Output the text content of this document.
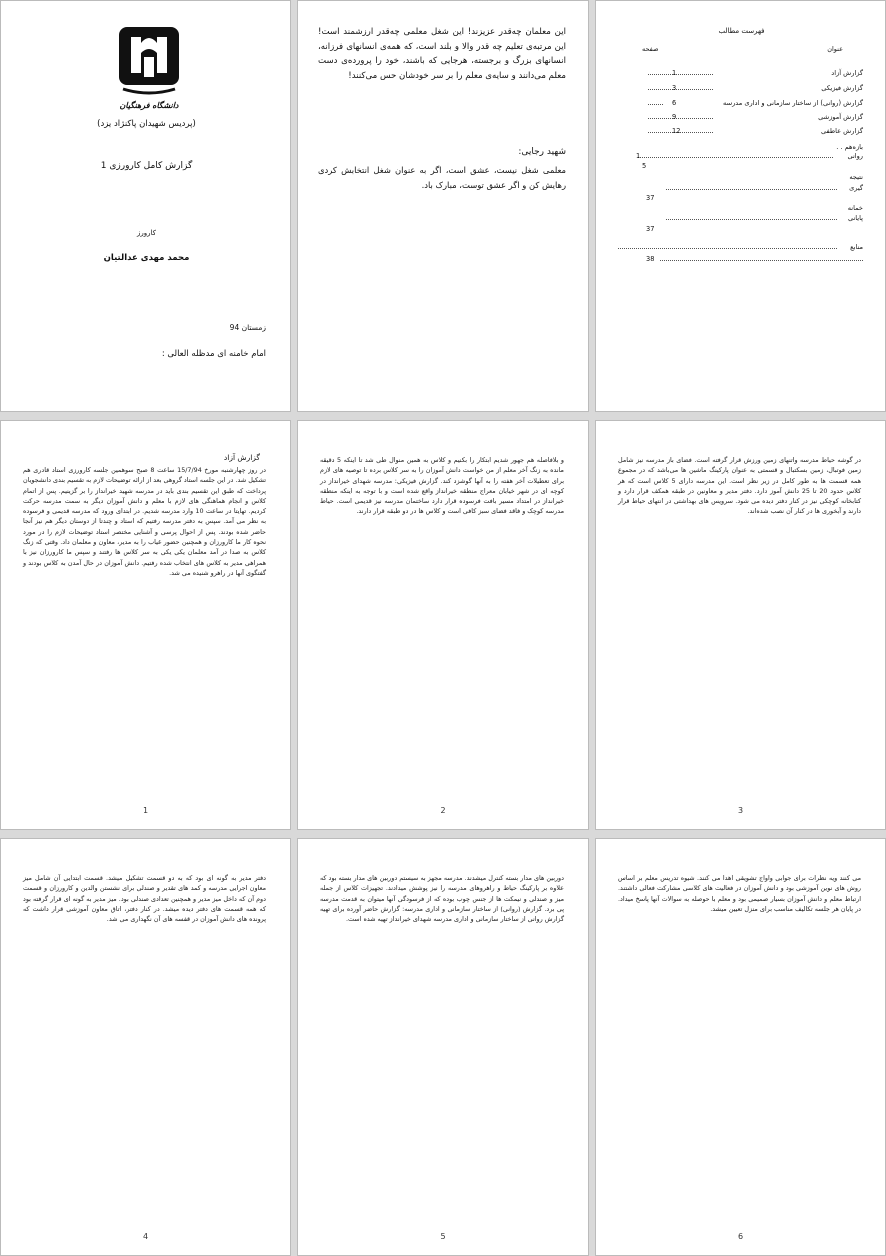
دانشگاه فرهنگیان
(پردیس شهیدان پاکنژاد یزد)
گزارش کامل کارورزی 1
کارورز
محمد مهدی عدالتیان
زمستان 94
امام خامنه ای مدظله العالی :
این معلمان چه‌قدر عزیزند! این شغل معلمی چه‌قدر ارزشمند است! این مرتبه‌ی تعلیم چه قدر والا و بلند است، که همه‌ی انسانهای فرزانه، انسانهای بزرگ و برجسته، هرجایی که باشند، خود را پرورده‌ی دست معلم می‌دانند و سایه‌ی معلم را بر سر خودشان حس می‌کنند!
شهید رجایی:
معلمی شغل نیست، عشق است، اگر به عنوان شغل انتخابش کردی رهایش کن و اگر عشق توست، مبارک باد.
فهرست مطالب
عنوان
صفحه
گزارش آزاد
1
گزارش فیزیکی
3
گزارش (روانی) از ساختار سازمانی و اداری مدرسه
6
گزارش آموزشی
9
گزارش عاطفی
12
بازه‌هم . .
روانی
1
5
نتیجه
گیری
37
خمانه
پایانی
37
منابع
38
گزارش آزاد
در روز چهارشنبه مورخ 15/7/94 ساعت 8 صبح سوهمین جلسه کارورزی استاد قادری هم تشکیل شد. در این جلسه استاد گروهی بعد از ارائه توضیحات لازم به تقسیم بندی دانشجویان پرداخت که طبق این تقسیم بندی باید در مدرسه شهید خیرانداز را بر گزینیم. پس از اتمام کلاس و انجام هماهنگی های لازم با معلم و دانش آموزان دیگر به سمت مدرسه حرکت کردیم. تهایتا در ساعت 10 وارد مدرسه شدیم. در ابتدای ورود که مدرسه قدیمی و فرسوده به نظر می آمد. سپس به دفتر مدرسه رفتیم که استاد و چندتا از دوستان دیگر هم نیز آنجا حاضر شده بودند. پس از احوال پرسی و آشنایی مختصر استاد توضیحات لازم را در مورد نحوه کار ما کارورزان و همچنین حضور غیاب را به مدیر، معاون و معلمان داد. وقتی که زنگ کلاس به صدا در آمد معلمان یکی یکی به سر کلاس ها رفتند و سپس ما کارورزان نیز با همراهی مدیر به کلاس های انتخاب شده رفتیم. دانش آموزان در حال آمدن به کلاس بودند و گفتگوی آنها در راهرو شنیده می شد.
1
و بلافاصله هم جهور شدیم ابتکار را بکنیم و کلاس به همین منوال طی شد تا اینکه 5 دقیقه مانده به زنگ آخر معلم از من خواست دانش آموزان را به سر کلاس برده تا توصیه های لازم برای تعطیلات آخر هفته را به آنها گوشزد کند. گزارش فیزیکی: مدرسه شهدای خیرانداز در کوچه ای در شهر خیابان معراج منطقه خیرانداز واقع شده است و با توجه به اینکه منطقه خیرانداز در امتداد مسیر بافت فرسوده قرار دارد ساختمان مدرسه نیز قدیمی است. حیاط مدرسه کوچک و فاقد فضای سبز کافی است و کلاس ها در دو طبقه قرار دارند.
2
در گوشه حیاط مدرسه واتنهای زمین ورزش قرار گرفته است. فضای باز مدرسه نیز شامل زمین فوتبال، زمین بسکتبال و قسمتی به عنوان پارکینگ ماشین ها می‌باشد که در مجموع همه قسمت ها به طور کامل در زیر نظر است. این مدرسه دارای 5 کلاس است که هر کلاس حدود 20 تا 25 دانش آموز دارد. دفتر مدیر و معاونین در طبقه همکف قرار دارد و کتابخانه کوچکی نیز در کنار دفتر دیده می شود. سرویس های بهداشتی در انتهای حیاط قرار دارند و آبخوری ها در کنار آن نصب شده‌اند.
3
دفتر مدیر به گونه ای بود که به دو قسمت تشکیل میشد. قسمت ابتدایی آن شامل میز معاون اجرایی مدرسه و کمد های تقدیر و صندلی برای نشستن والدین و کارورزان و قسمت دوم آن که داخل میز مدیر و همچنین تعدادی صندلی بود. میز مدیر به گونه ای قرار گرفته بود که همه قسمت های دفتر دیده میشد. در کنار دفتر، اتاق معاون آموزشی قرار داشت که پرونده های دانش آموزان در قفسه های آن نگهداری می شد.
4
دوربین های مدار بسته کنترل میشدند. مدرسه مجهز به سیستم دوربین های مدار بسته بود که علاوه بر پارکینگ حیاط و راهروهای مدرسه را نیز پوشش میدادند. تجهیزات کلاس از جمله میز و صندلی و نیمکت ها از جنس چوب بوده که از فرسودگی آنها میتوان به قدمت مدرسه پی برد. گزارش (روانی) از ساختار سازمانی و اداری مدرسه: گزارش حاضر آورده برای تهیه گزارش روانی از ساختار سازمانی و اداری مدرسه شهدای خیرانداز تهیه شده است.
5
می کنند ویه نظرات برای جوابی واواج تشویقی اهدا می کنند. شیوه تدریس معلم بر اساس روش های نوین آموزشی بود و دانش آموزان در فعالیت های کلاسی مشارکت فعالی داشتند. ارتباط معلم و دانش آموزان بسیار صمیمی بود و معلم با حوصله به سوالات آنها پاسخ میداد. در پایان هر جلسه تکالیف مناسب برای منزل تعیین میشد.
6
